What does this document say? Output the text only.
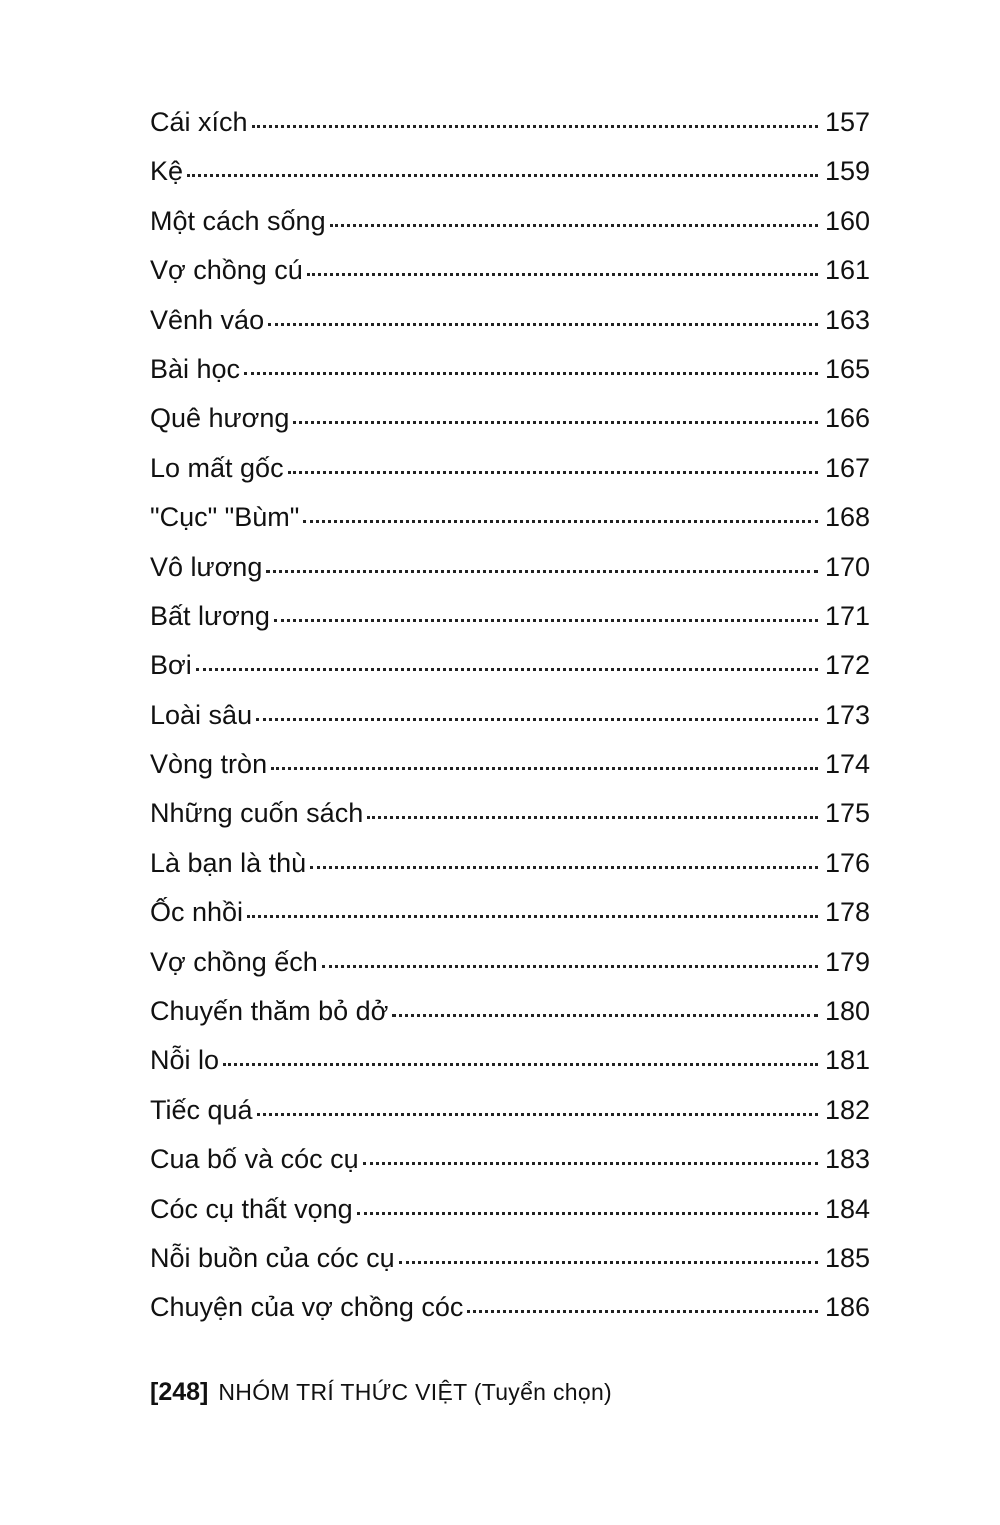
Cái xích	157
Kệ	159
Một cách sống	160
Vợ chồng cú	161
Vênh váo	163
Bài học	165
Quê hương	166
Lo mất gốc	167
"Cục" "Bùm"	168
Vô lương	170
Bất lương	171
Bơi	172
Loài sâu	173
Vòng tròn	174
Những cuốn sách	175
Là bạn là thù	176
Ốc nhồi	178
Vợ chồng ếch	179
Chuyến thăm bỏ dở	180
Nỗi lo	181
Tiếc quá	182
Cua bố và cóc cụ	183
Cóc cụ thất vọng	184
Nỗi buồn của cóc cụ	185
Chuyện của vợ chồng cóc	186
[248] NHÓM TRÍ THỨC VIỆT (Tuyển chọn)
